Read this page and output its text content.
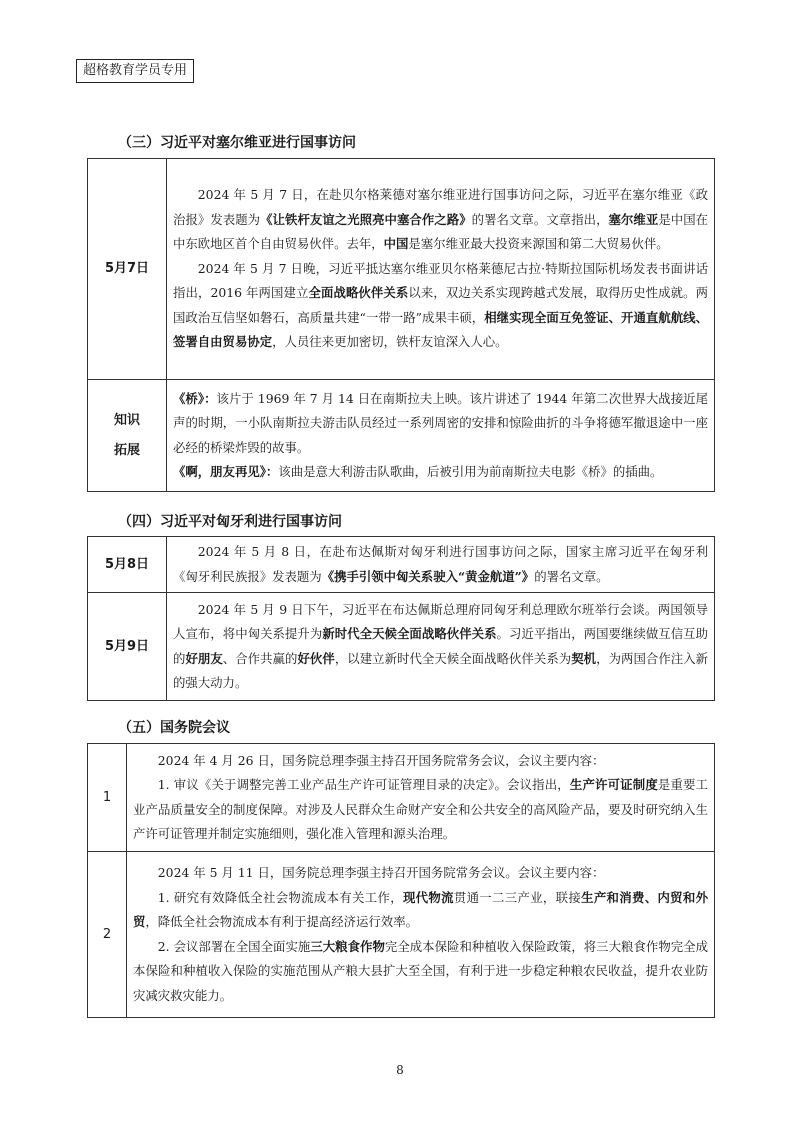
超格教育学员专用
（三）习近平对塞尔维亚进行国事访问
5月7日	2024 年 5 月 7 日，在赴贝尔格莱德对塞尔维亚进行国事访问之际，习近平在塞尔维亚《政治报》发表题为《让铁杆友谊之光照亮中塞合作之路》的署名文章。文章指出，塞尔维亚是中国在中东欧地区首个自由贸易伙伴。去年，中国是塞尔维亚最大投资来源国和第二大贸易伙伴。

2024 年 5 月 7 日晚，习近平抵达塞尔维亚贝尔格莱德尼古拉·特斯拉国际机场发表书面讲话指出，2016 年两国建立全面战略伙伴关系以来，双边关系实现跨越式发展，取得历史性成就。两国政治互信坚如磐石，高质量共建“一带一路”成果丰硕，相继实现全面互免签证、开通直航航线、签署自由贸易协定，人员往来更加密切，铁杆友谊深入人心。

知识拓展	《桥》：该片于 1969 年 7 月 14 日在南斯拉夫上映。该片讲述了 1944 年第二次世界大战接近尾声的时期，一小队南斯拉夫游击队员经过一系列周密的安排和惊险曲折的斗争将德军撤退途中一座必经的桥梁炸毁的故事。

《啊，朋友再见》：该曲是意大利游击队歌曲，后被引用为前南斯拉夫电影《桥》的插曲。

（四）习近平对匈牙利进行国事访问
5月8日	2024 年 5 月 8 日，在赴布达佩斯对匈牙利进行国事访问之际，国家主席习近平在匈牙利《匈牙利民族报》发表题为《携手引领中匈关系驶入“黄金航道”》的署名文章。

5月9日	2024 年 5 月 9 日下午，习近平在布达佩斯总理府同匈牙利总理欧尔班举行会谈。两国领导人宣布，将中匈关系提升为新时代全天候全面战略伙伴关系。习近平指出，两国要继续做互信互助的好朋友、合作共赢的好伙伴，以建立新时代全天候全面战略伙伴关系为契机，为两国合作注入新的强大动力。

（五）国务院会议
1	2024 年 4 月 26 日，国务院总理李强主持召开国务院常务会议，会议主要内容：

1. 审议《关于调整完善工业产品生产许可证管理目录的决定》。会议指出，生产许可证制度是重要工业产品质量安全的制度保障。对涉及人民群众生命财产安全和公共安全的高风险产品，要及时研究纳入生产许可证管理并制定实施细则，强化准入管理和源头治理。

2	2024 年 5 月 11 日，国务院总理李强主持召开国务院常务会议。会议主要内容：

1. 研究有效降低全社会物流成本有关工作，现代物流贯通一二三产业，联接生产和消费、内贸和外贸，降低全社会物流成本有利于提高经济运行效率。

2. 会议部署在全国全面实施三大粮食作物完全成本保险和种植收入保险政策，将三大粮食作物完全成本保险和种植收入保险的实施范围从产粮大县扩大至全国，有利于进一步稳定种粮农民收益，提升农业防灾减灾救灾能力。

8
